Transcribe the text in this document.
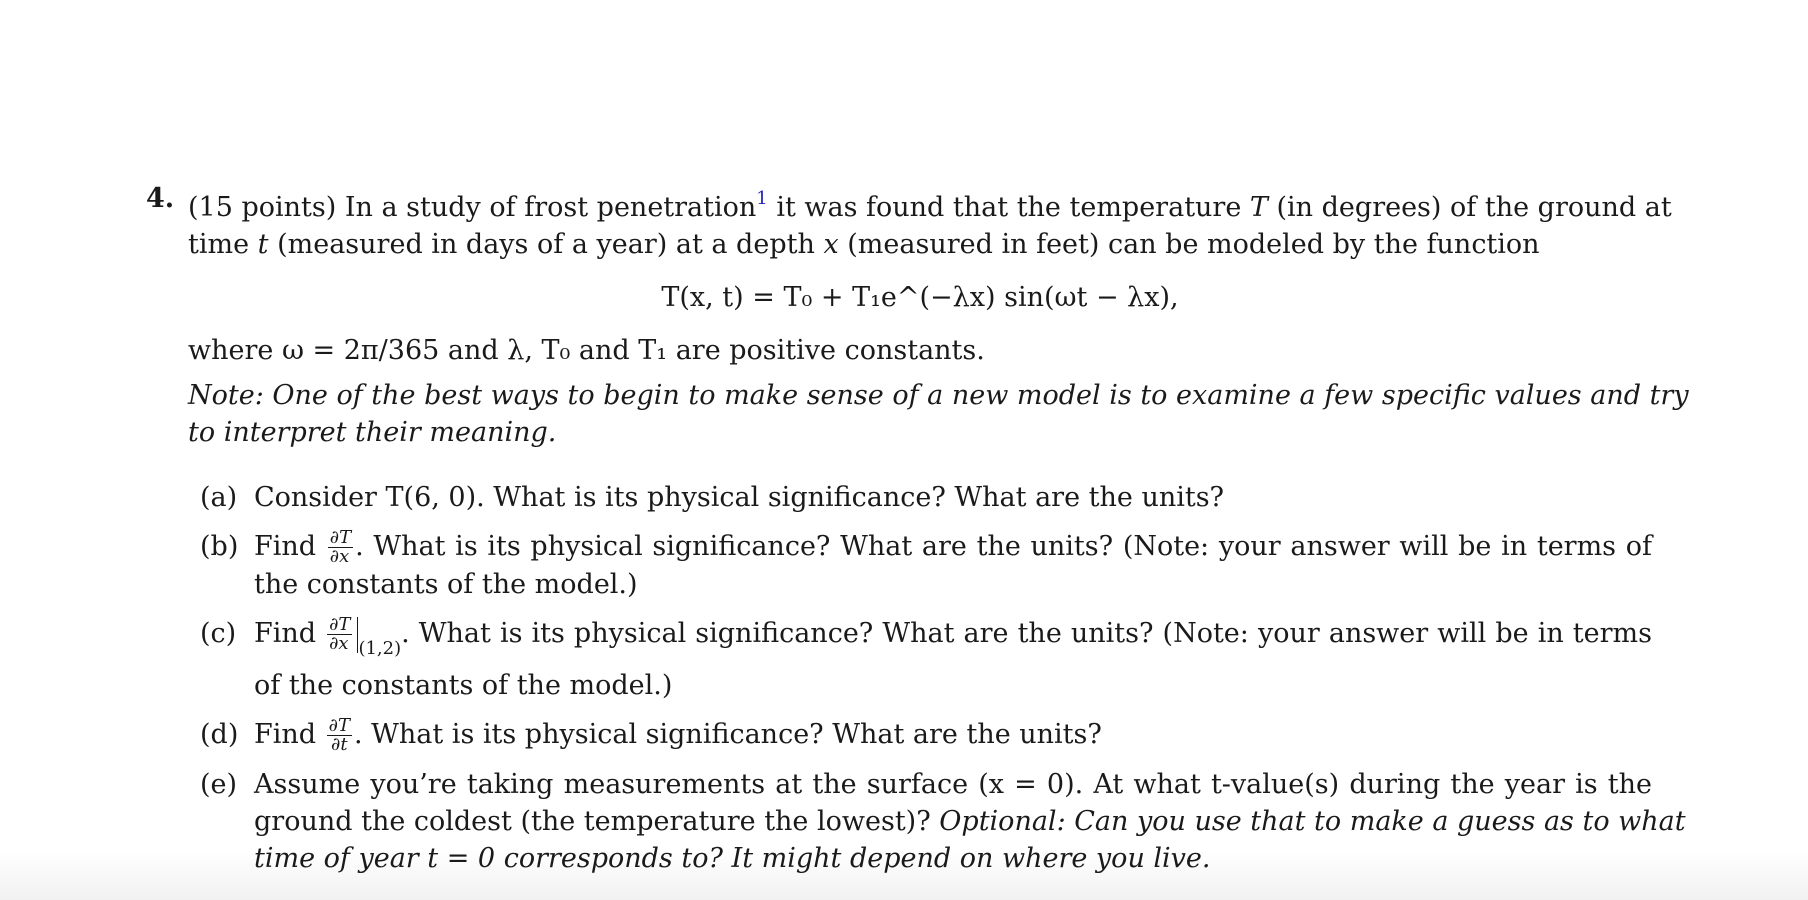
4. (15 points) In a study of frost penetration$^1$ it was found that the temperature T (in degrees) of the ground at
time t (measured in days of a year) at a depth x (measured in feet) can be modeled by the function
T(x, t) = T₀ + T₁e^(−λx) sin(ωt − λx),
where ω = 2π/365 and λ, T₀ and T₁ are positive constants.
Note: One of the best ways to begin to make sense of a new model is to examine a few specific values and try
to interpret their meaning.
(a) Consider T(6, 0). What is its physical significance? What are the units?
(b) Find $\frac{\partial T}{\partial x}$ . What is its physical significance? What are the units? (Note: your answer will be in terms of
the constants of the model.)
(c) Find $\frac{\partial T}{\partial x} _{(1,2)}$. What is its physical significance? What are the units? (Note: your answer will be in terms
of the constants of the model.)
(d) Find $\frac{\partial T}{\partial t}$ . What is its physical significance? What are the units?
(e) Assume you’re taking measurements at the surface (x = 0). At what t-value(s) during the year is the
ground the coldest (the temperature the lowest)? Optional: Can you use that to make a guess as to what
time of year t = 0 corresponds to? It might depend on where you live.
